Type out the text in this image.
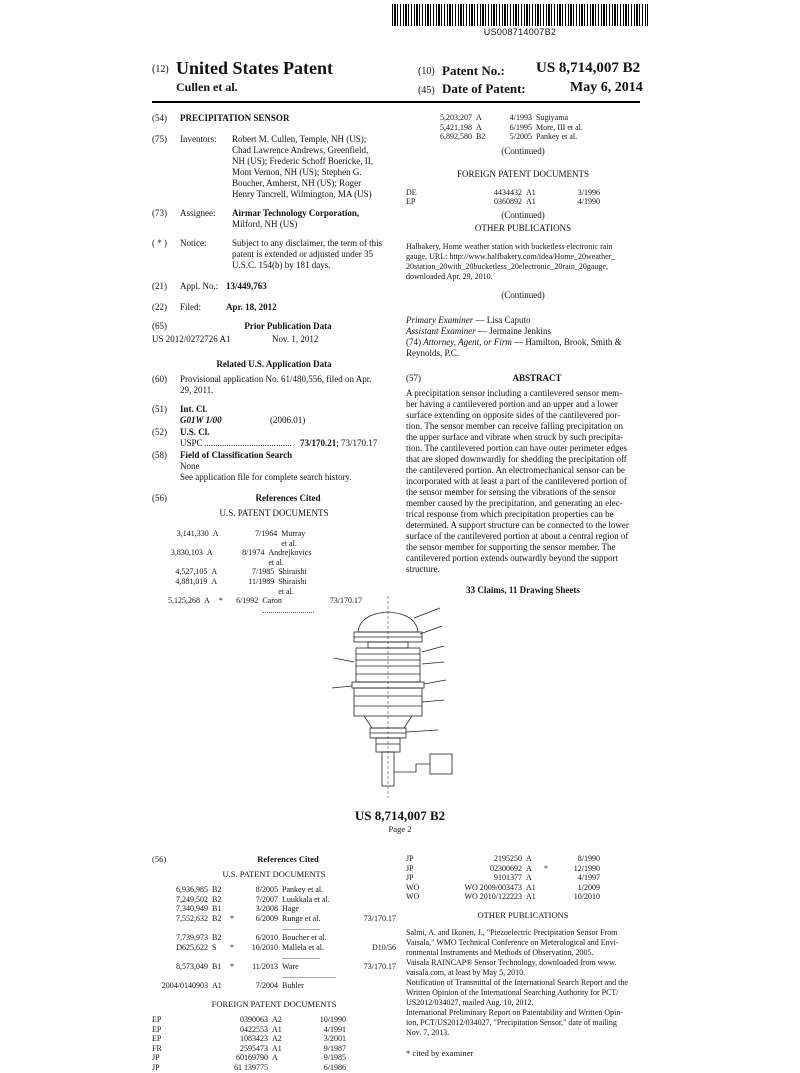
US008714007B2
(12) United States Patent
Cullen et al.
(10) Patent No.: US 8,714,007 B2
(45) Date of Patent:	May 6, 2014
(54)	PRECIPITATION SENSOR
(75)	Inventors:	Robert M. Cullen, Temple, NH (US);
Chad Lawrence Andrews, Greenfield,
NH (US); Frederic Schoff Boericke, II,
Mont Vernon, NH (US); Stephen G.
Boucher, Amherst, NH (US); Roger
Henry Tancrell, Wilmington, MA (US)
(73)	Assignee:	Airmar Technology Corporation,
Milford, NH (US)
( * )	Notice:	Subject to any disclaimer, the term of this
patent is extended or adjusted under 35
U.S.C. 154(b) by 181 days.
(21)	Appl. No.: 13/449,763
(22)	Filed:	Apr. 18, 2012
(65)	Prior Publication Data
US 2012/0272726 A1	Nov. 1, 2012
Related U.S. Application Data
(60)	Provisional application No. 61/480,556, filed on Apr.
29, 2011.
(51)	Int. Cl.
G01W 1/00	(2006.01)
(52)	U.S. Cl.
USPC ....................................... 73/170.21 ; 73/170.17
(58)	Field of Classification Search
None
See application file for complete search history.
(56)	References Cited
U.S. PATENT DOCUMENTS
3,141,330 A	7/1964 Murray et al.
3,830,103 A	8/1974 Andrejkovics et al.
4,527,105 A	7/1985 Shiraishi
4,881,019 A	11/1989 Shiraishi et al.
5,125,268 A	*	6/1992 Caron ..........................
73/170.17
5,203,207 A	4/1993 Sugiyama
5,421,198 A	6/1995 More, III et al.
6,892,580 B2	5/2005 Pankey et al.
(Continued)
FOREIGN PATENT DOCUMENTS
DE	4434432 A1	3/1996
EP	0360892 A1	4/1990
(Continued)
OTHER PUBLICATIONS
Halbakery, Home weather station with bucketless electronic rain
gauge, URL: http://www.halfbakery.com/idea/Home_20weather_
20station_20with_20bucketless_20electronic_20rain_20gauge,
downloaded Apr. 29, 2010.
(Continued)
Primary Examiner — Lisa Caputo
Assistant Examiner — Jermaine Jenkins
(74) Attorney, Agent, or Firm — Hamilton, Brook, Smith &
Reynolds, P.C.
(57)	ABSTRACT
A precipitation sensor including a cantilevered sensor mem-
ber having a cantilevered portion and an upper and a lower
surface extending on opposite sides of the cantilevered por-
tion. The sensor member can receive falling precipitation on
the upper surface and vibrate when struck by such precipita-
tion. The cantilevered portion can have outer perimeter edges
that are sloped downwardly for shedding the precipitation off
the cantilevered portion. An electromechanical sensor can be
incorporated with at least a part of the cantilevered portion of
the sensor member for sensing the vibrations of the sensor
member caused by the precipitation, and generating an elec-
trical response from which precipitation properties can be
determined. A support structure can be connected to the lower
surface of the cantilevered portion at about a central region of
the sensor member for supporting the sensor member. The
cantilevered portion extends outwardly beyond the support
structure.
33 Claims, 11 Drawing Sheets
US 8,714,007 B2
Page 2
(56)	References Cited
U.S. PATENT DOCUMENTS
6,936,985 B2	8/2005 Pankey et al.
7,249,502 B2	7/2007 Luukkala et al.
7,340,949 B1	3/2008 Hage
7,552,632 B2	*	6/2009 Runge et al. ...................
73/170.17
7,739,973 B2	6/2010 Boucher et al.
D625,622 S	*	10/2010 Mallela et al. ...................
D10/56
8,573,049 B1	*	11/2013 Ware ...........................
73/170.17
2004/0140903 A1	7/2004 Buhler
FOREIGN PATENT DOCUMENTS
EP	0390063 A2	10/1990
EP	0422553 A1	4/1991
EP	1083423 A2	3/2001
FR	2595473 A1	9/1987
JP	60169790 A	9/1985
JP	61 139775	6/1986
JP	2195250 A	8/1990
JP	02300692 A	*	12/1990
JP	9101377 A	4/1997
WO	WO 2009/003473 A1	1/2009
WO	WO 2010/122223 A1	10/2010
OTHER PUBLICATIONS
Salmi, A. and Ikonen, J., "Piezoelectric Precipitation Sensor From
Vaisala," WMO Technical Conference on Meterological and Envi-
ronmental Instruments and Methods of Observation, 2005.
Vaisala RAINCAP® Sensor Technology, downloaded from www.
vaisala.com, at least by May 5, 2010.
Notification of Transmittal of the International Search Report and the
Written Opinion of the International Searching Authority for PCT/
US2012/034027, mailed Aug. 10, 2012.
International Preliminary Report on Patentability and Written Opin-
ion, PCT/US2012/034027, "Precipitation Sensor," date of mailing
Nov. 7, 2013.
* cited by examiner
